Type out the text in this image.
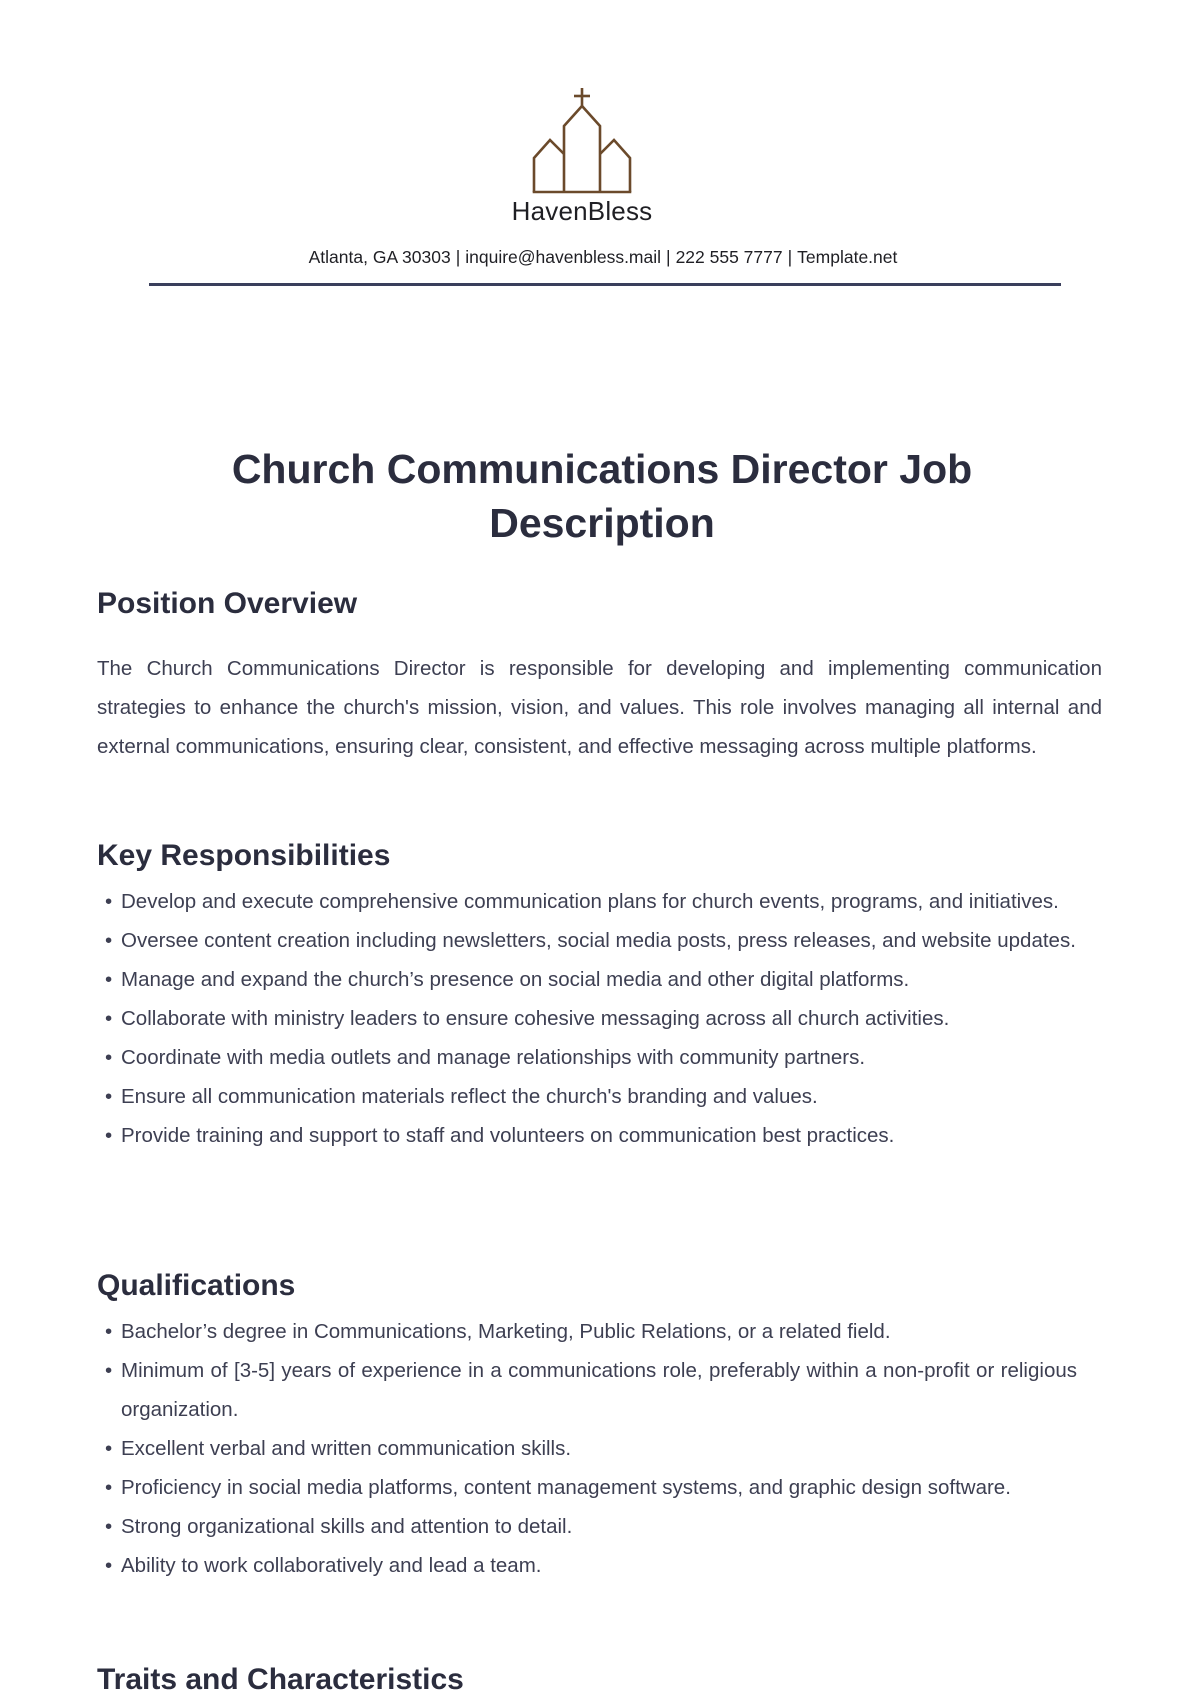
HavenBless
Atlanta, GA 30303 | inquire@havenbless.mail | 222 555 7777 | Template.net
Church Communications Director Job Description
Position Overview

The Church Communications Director is responsible for developing and implementing communication strategies to enhance the church's mission, vision, and values. This role involves managing all internal and external communications, ensuring clear, consistent, and effective messaging across multiple platforms.

Key Responsibilities
• Develop and execute comprehensive communication plans for church events, programs, and initiatives.
• Oversee content creation including newsletters, social media posts, press releases, and website updates.
• Manage and expand the church’s presence on social media and other digital platforms.
• Collaborate with ministry leaders to ensure cohesive messaging across all church activities.
• Coordinate with media outlets and manage relationships with community partners.
• Ensure all communication materials reflect the church's branding and values.
• Provide training and support to staff and volunteers on communication best practices.
Qualifications
• Bachelor’s degree in Communications, Marketing, Public Relations, or a related field.
• Minimum of [3-5] years of experience in a communications role, preferably within a non-profit or religious organization.
• Excellent verbal and written communication skills.
• Proficiency in social media platforms, content management systems, and graphic design software.
• Strong organizational skills and attention to detail.
• Ability to work collaboratively and lead a team.
Traits and Characteristics
